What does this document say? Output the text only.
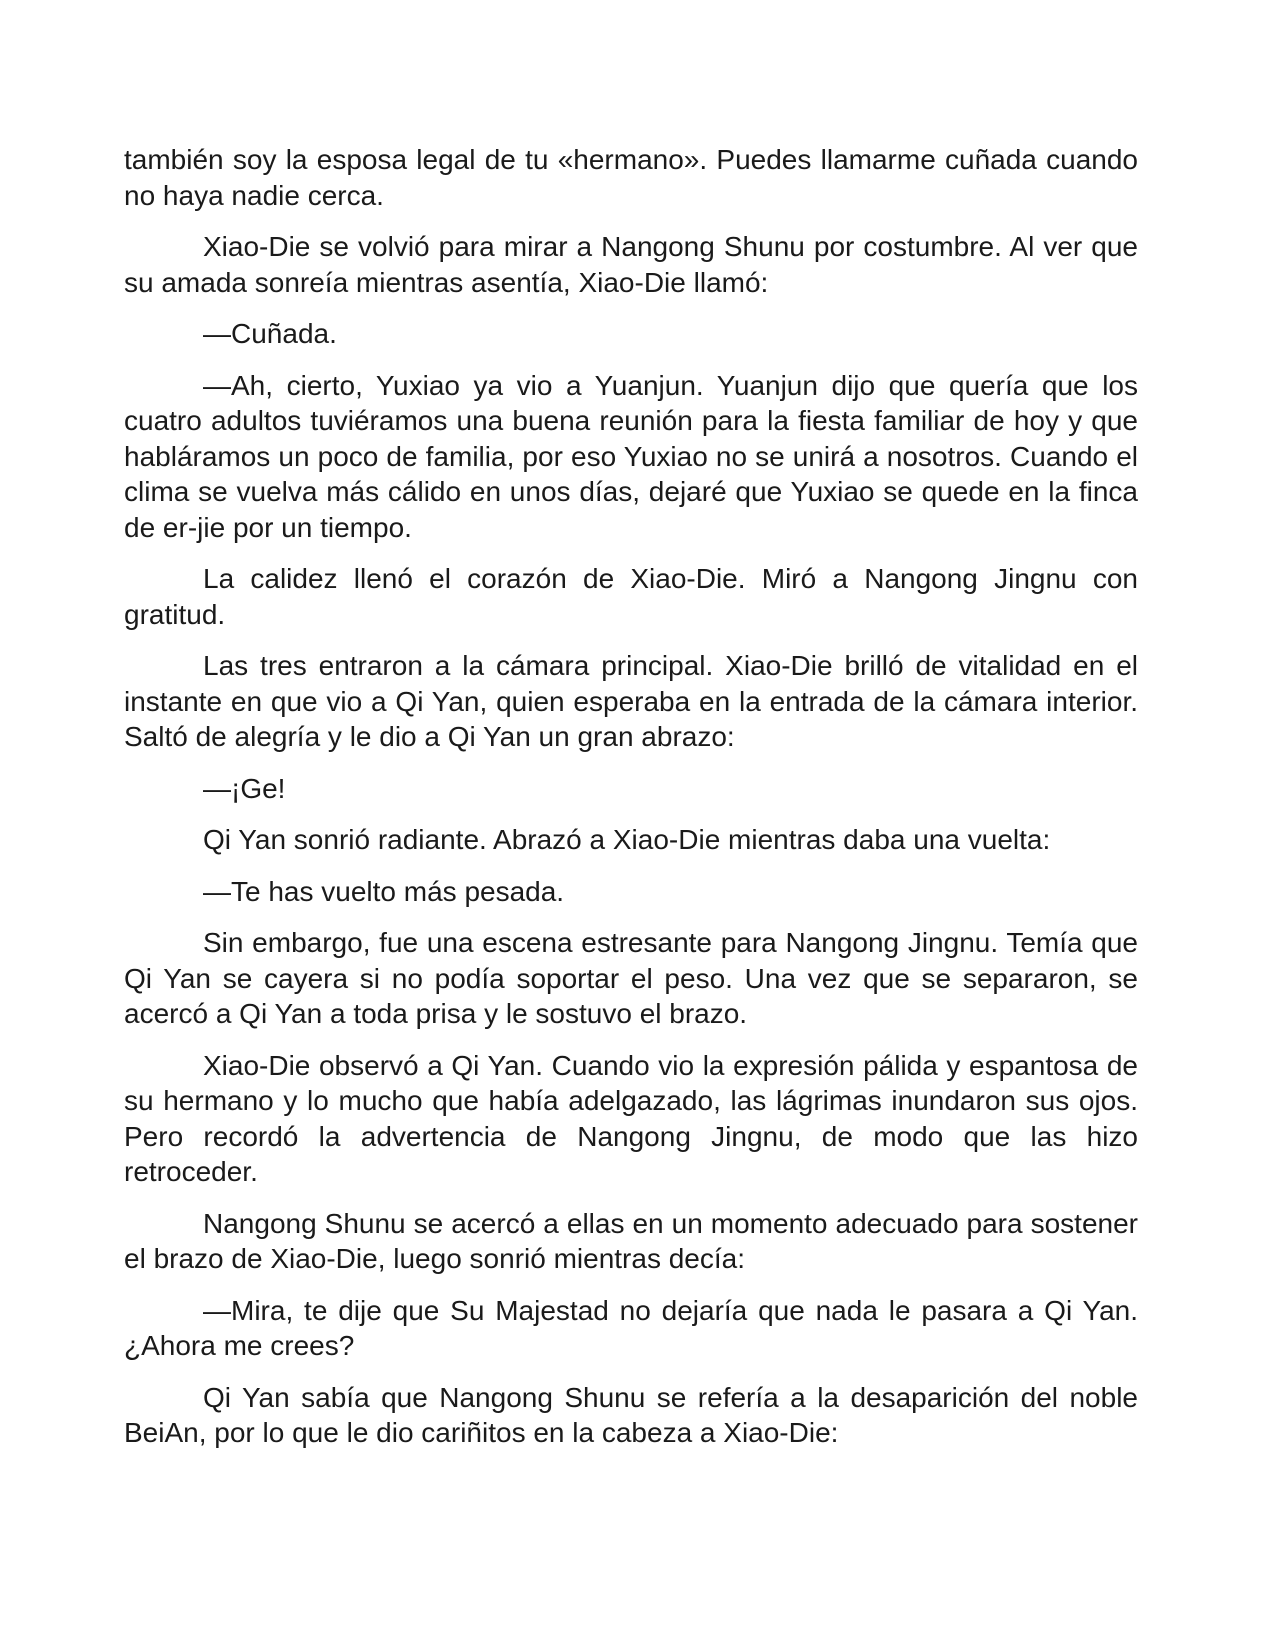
también soy la esposa legal de tu «hermano». Puedes llamarme cuñada cuando no haya nadie cerca.

Xiao-Die se volvió para mirar a Nangong Shunu por costumbre. Al ver que su amada sonreía mientras asentía, Xiao-Die llamó:

—Cuñada.

—Ah, cierto, Yuxiao ya vio a Yuanjun. Yuanjun dijo que quería que los cuatro adultos tuviéramos una buena reunión para la fiesta familiar de hoy y que habláramos un poco de familia, por eso Yuxiao no se unirá a nosotros. Cuando el clima se vuelva más cálido en unos días, dejaré que Yuxiao se quede en la finca de er-jie por un tiempo.

La calidez llenó el corazón de Xiao-Die. Miró a Nangong Jingnu con gratitud.

Las tres entraron a la cámara principal. Xiao-Die brilló de vitalidad en el instante en que vio a Qi Yan, quien esperaba en la entrada de la cámara interior. Saltó de alegría y le dio a Qi Yan un gran abrazo:

—¡Ge!

Qi Yan sonrió radiante. Abrazó a Xiao-Die mientras daba una vuelta:

—Te has vuelto más pesada.

Sin embargo, fue una escena estresante para Nangong Jingnu. Temía que Qi Yan se cayera si no podía soportar el peso. Una vez que se separaron, se acercó a Qi Yan a toda prisa y le sostuvo el brazo.

Xiao-Die observó a Qi Yan. Cuando vio la expresión pálida y espantosa de su hermano y lo mucho que había adelgazado, las lágrimas inundaron sus ojos. Pero recordó la advertencia de Nangong Jingnu, de modo que las hizo retroceder.

Nangong Shunu se acercó a ellas en un momento adecuado para sostener el brazo de Xiao-Die, luego sonrió mientras decía:

—Mira, te dije que Su Majestad no dejaría que nada le pasara a Qi Yan. ¿Ahora me crees?

Qi Yan sabía que Nangong Shunu se refería a la desaparición del noble BeiAn, por lo que le dio cariñitos en la cabeza a Xiao-Die:
